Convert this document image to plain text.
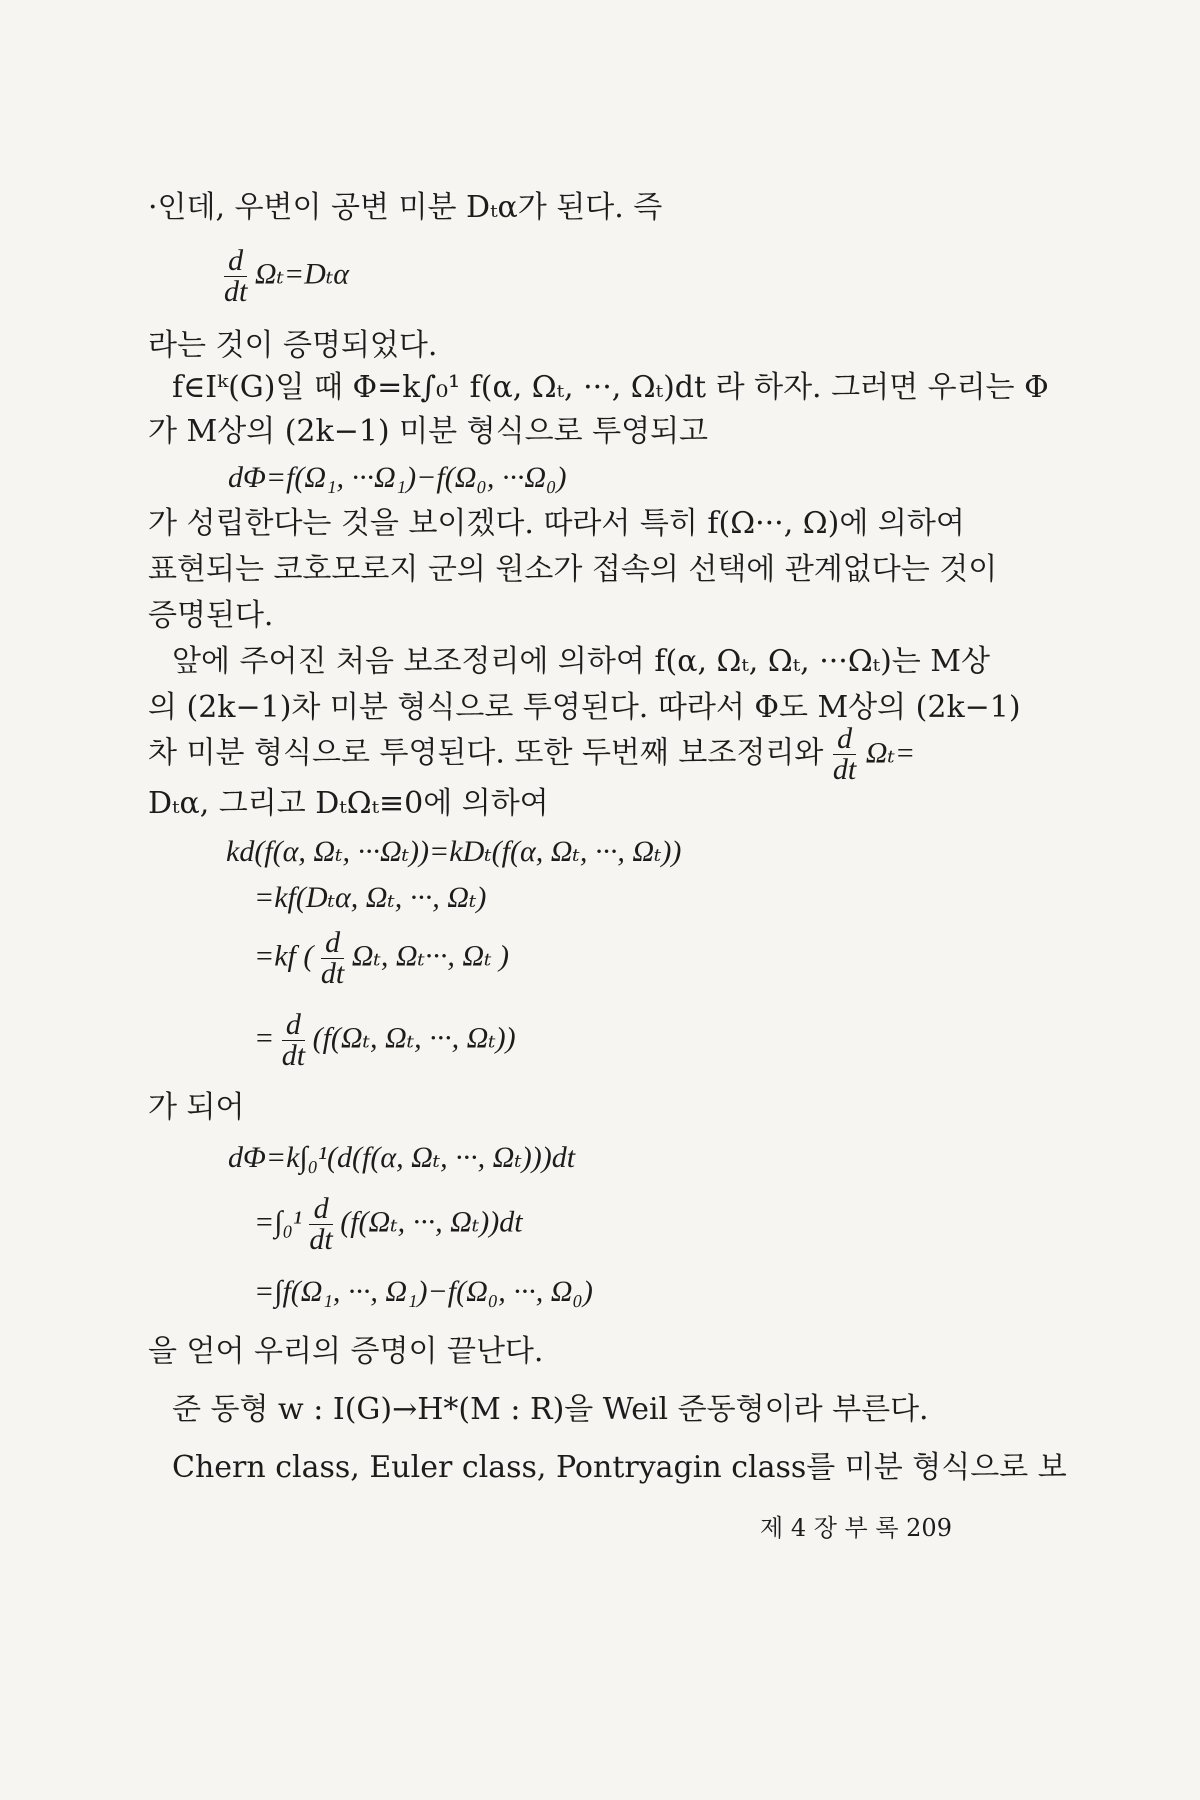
·인데, 우변이 공변 미분 Dₜα가 된다. 즉
$\frac{d}{dt} \Omega_t=D_t\alpha$
라는 것이 증명되었다.
f∈Iᵏ(G)일 때 Φ=k∫₀¹ f(α, Ωₜ, ···, Ωₜ)dt 라 하자. 그러면 우리는 Φ
가 M상의 (2k−1) 미분 형식으로 투영되고
dΦ=f(Ω₁, ···Ω₁)−f(Ω₀, ···Ω₀)
가 성립한다는 것을 보이겠다. 따라서 특히 f(Ω···, Ω)에 의하여
표현되는 코호모로지 군의 원소가 접속의 선택에 관계없다는 것이
증명된다.
앞에 주어진 처음 보조정리에 의하여 f(α, Ωₜ, Ωₜ, ···Ωₜ)는 M상
의 (2k−1)차 미분 형식으로 투영된다. 따라서 Φ도 M상의 (2k−1)
차 미분 형식으로 투영된다. 또한 두번째 보조정리와 $\frac{d}{dt} \Omega_t=$
Dₜα, 그리고 DₜΩₜ≡0에 의하여
kd(f(α, Ωₜ, ···Ωₜ))=kDₜ(f(α, Ωₜ, ···, Ωₜ))
=kf(Dₜα, Ωₜ, ···, Ωₜ)
=kf ( $\frac{d}{dt} \Omega_t$, Ωₜ···, Ωₜ )
= $\frac{d}{dt} (f(\Omega_t$, Ωₜ, ···, Ωₜ))
가 되어
dΦ=k∫₀¹(d(f(α, Ωₜ, ···, Ωₜ)))dt
$=\int_0^1 \frac{d}{dt} (f(\Omega_t$, ···, Ωₜ))dt
=∫f(Ω₁, ···, Ω₁)−f(Ω₀, ···, Ω₀)
을 얻어 우리의 증명이 끝난다.
준 동형 w : I(G)→H*(M : R)을 Weil 준동형이라 부른다.
Chern class, Euler class, Pontryagin class를 미분 형식으로 보
제 4 장 부 록 209
